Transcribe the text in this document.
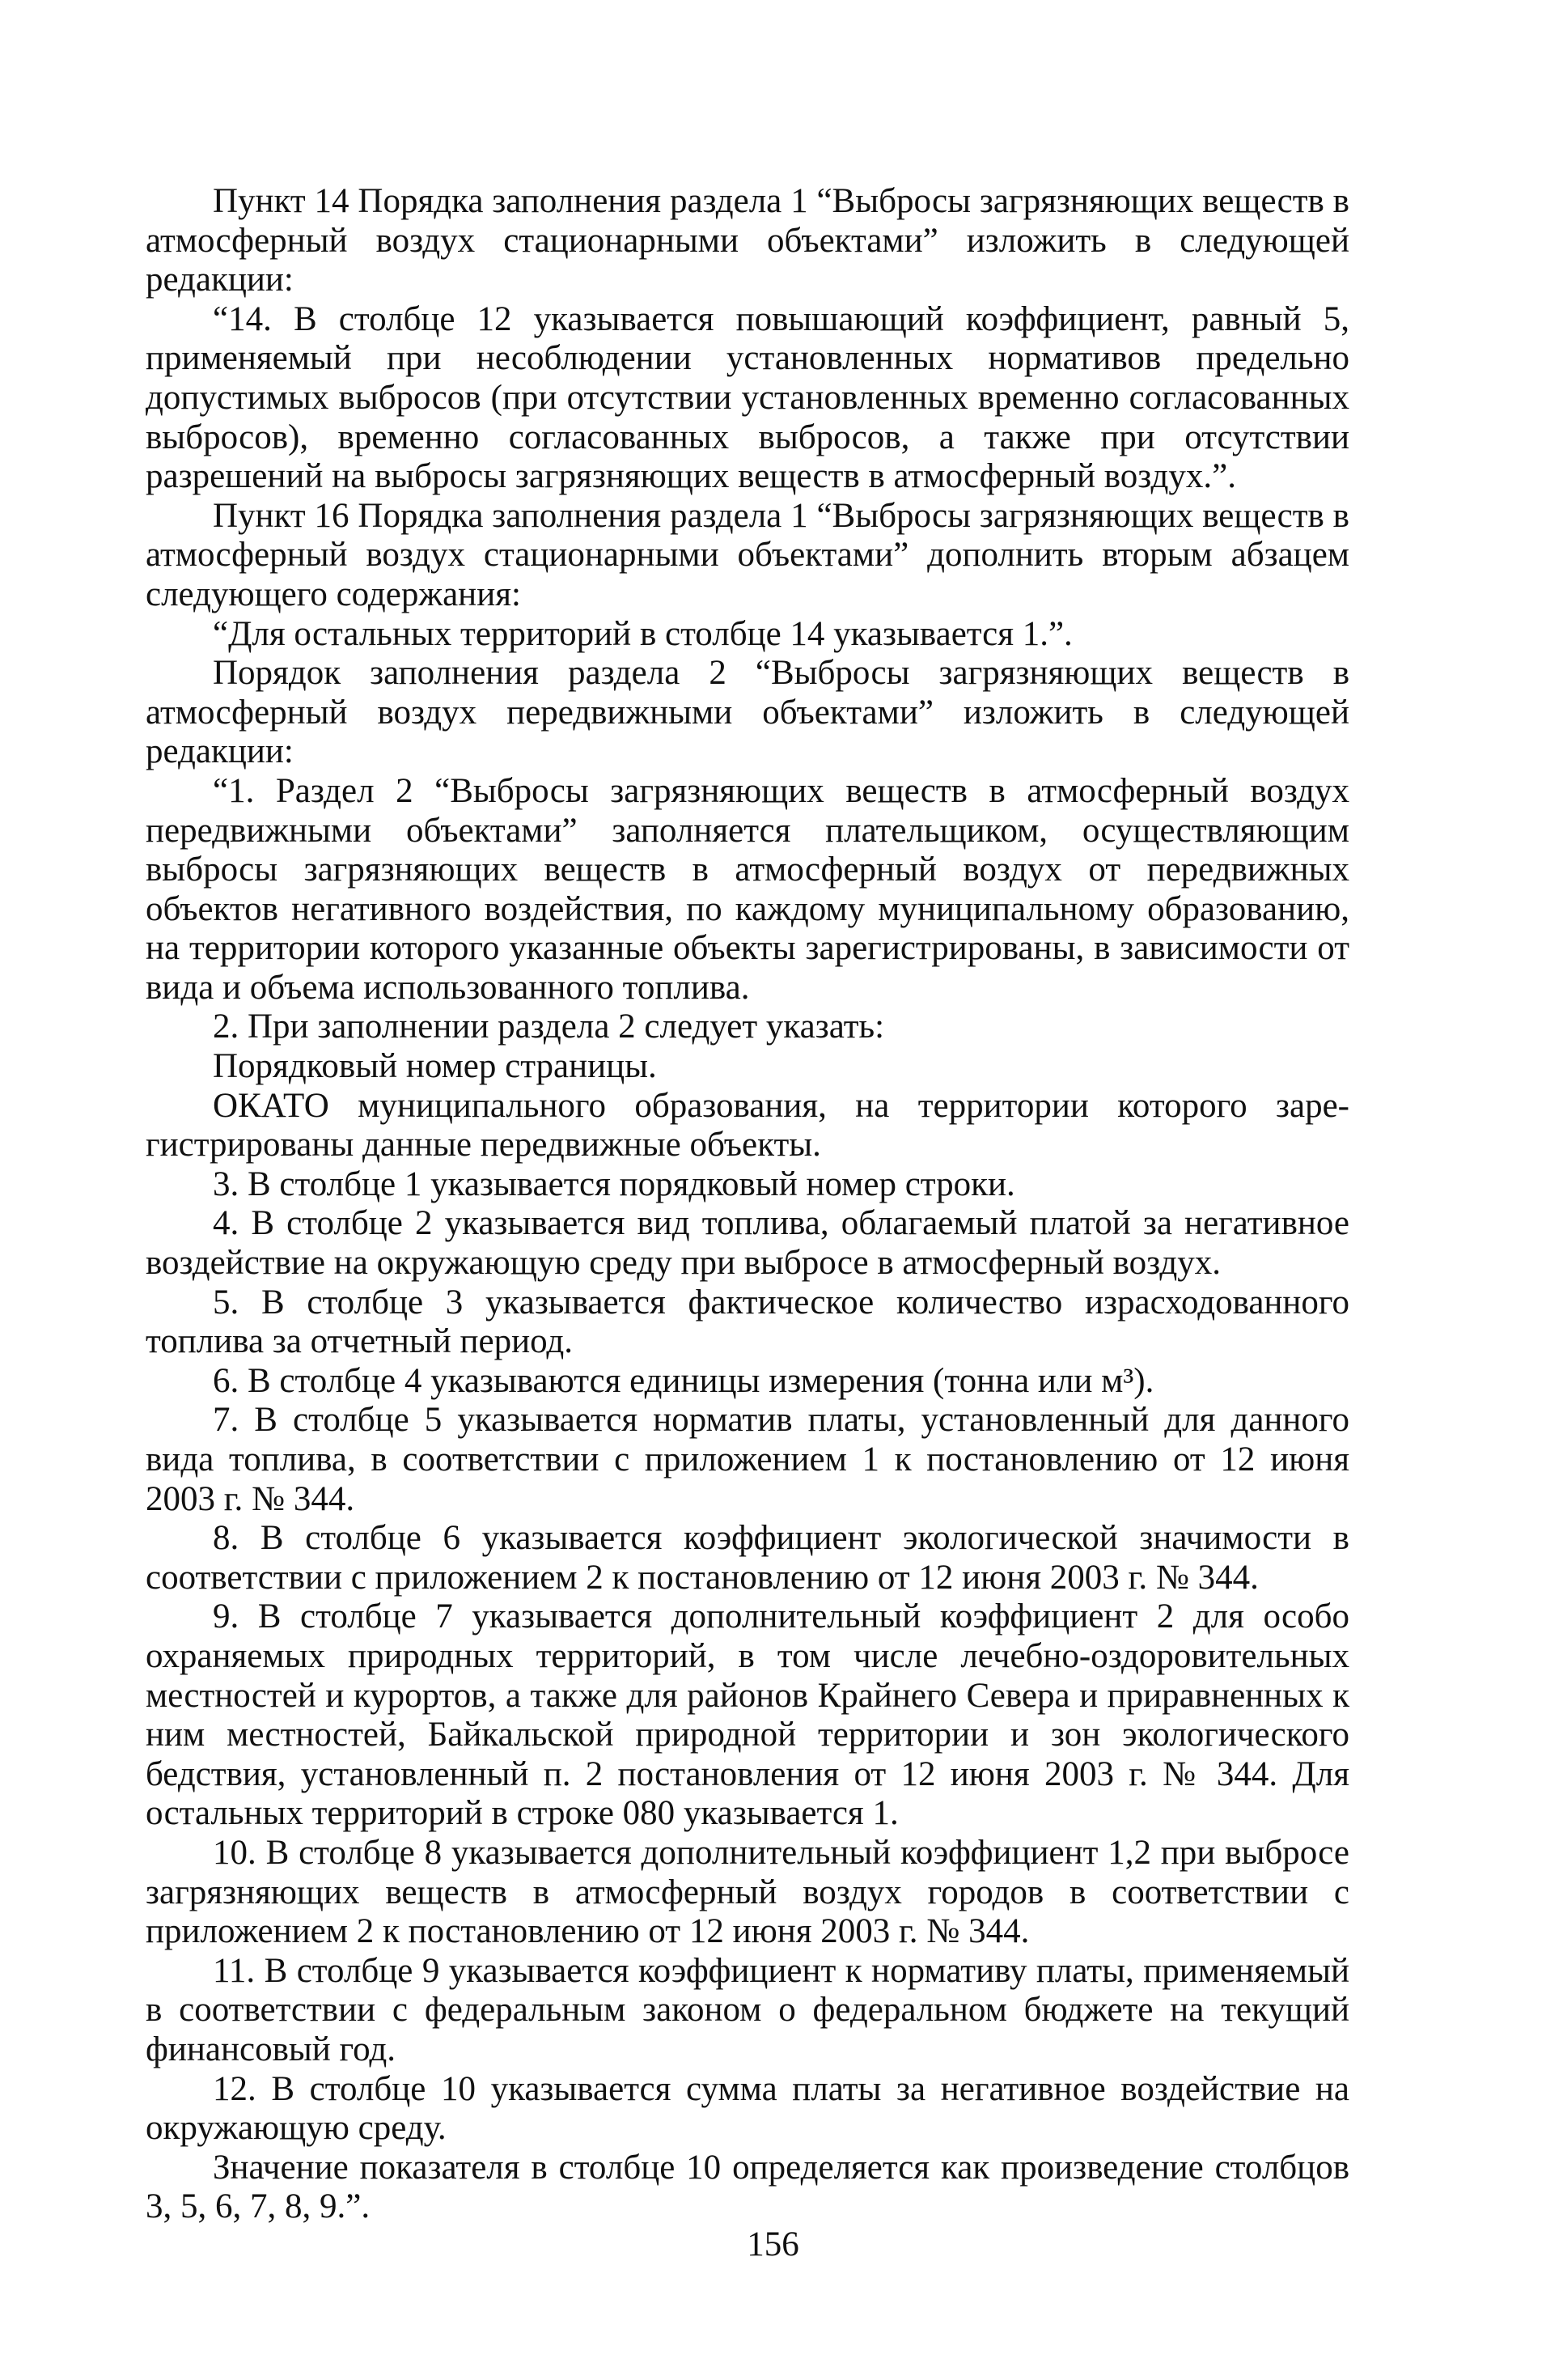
Пункт 14 Порядка заполнения раздела 1 “Выбросы загрязняющих веществ в атмосферный воздух стационарными объектами” изложить в следующей редакции:

“14. В столбце 12 указывается повышающий коэффициент, равный 5, применяемый при несоблюдении установленных нормативов предельно допустимых выбросов (при отсутствии установленных временно согласованных выбросов), временно согласованных выбросов, а также при отсутствии разрешений на выбросы загрязняющих веществ в атмосферный воздух.”.

Пункт 16 Порядка заполнения раздела 1 “Выбросы загрязняющих веществ в атмосферный воздух стационарными объектами” дополнить вторым абзацем следующего содержания:

“Для остальных территорий в столбце 14 указывается 1.”.

Порядок заполнения раздела 2 “Выбросы загрязняющих веществ в атмосферный воздух передвижными объектами” изложить в следующей редакции:

“1. Раздел 2 “Выбросы загрязняющих веществ в атмосферный воздух передвижными объектами” заполняется плательщиком, осуществляющим выбросы загрязняющих веществ в атмосферный воздух от передвижных объектов негативного воздействия, по каждому муниципальному образованию, на территории которого указанные объекты зарегистрированы, в зависимости от вида и объема использованного топлива.

2. При заполнении раздела 2 следует указать:

Порядковый номер страницы.

ОКАТО муниципального образования, на территории которого зарегистрированы данные передвижные объекты.

3. В столбце 1 указывается порядковый номер строки.

4. В столбце 2 указывается вид топлива, облагаемый платой за негативное воздействие на окружающую среду при выбросе в атмосферный воздух.

5. В столбце 3 указывается фактическое количество израсходованного топлива за отчетный период.

6. В столбце 4 указываются единицы измерения (тонна или м³).

7. В столбце 5 указывается норматив платы, установленный для данного вида топлива, в соответствии с приложением 1 к постановлению от 12 июня 2003 г. № 344.

8. В столбце 6 указывается коэффициент экологической значимости в соответствии с приложением 2 к постановлению от 12 июня 2003 г. № 344.

9. В столбце 7 указывается дополнительный коэффициент 2 для особо охраняемых природных территорий, в том числе лечебно-оздоровительных местностей и курортов, а также для районов Крайнего Севера и приравненных к ним местностей, Байкальской природной территории и зон экологического бедствия, установленный п. 2 постановления от 12 июня 2003 г. № 344. Для остальных территорий в строке 080 указывается 1.

10. В столбце 8 указывается дополнительный коэффициент 1,2 при выбросе загрязняющих веществ в атмосферный воздух городов в соответствии с приложением 2 к постановлению от 12 июня 2003 г. № 344.

11. В столбце 9 указывается коэффициент к нормативу платы, применяемый в соответствии с федеральным законом о федеральном бюджете на текущий финансовый год.

12. В столбце 10 указывается сумма платы за негативное воздействие на окружающую среду.

Значение показателя в столбце 10 определяется как произведение столбцов 3, 5, 6, 7, 8, 9.”.

156
